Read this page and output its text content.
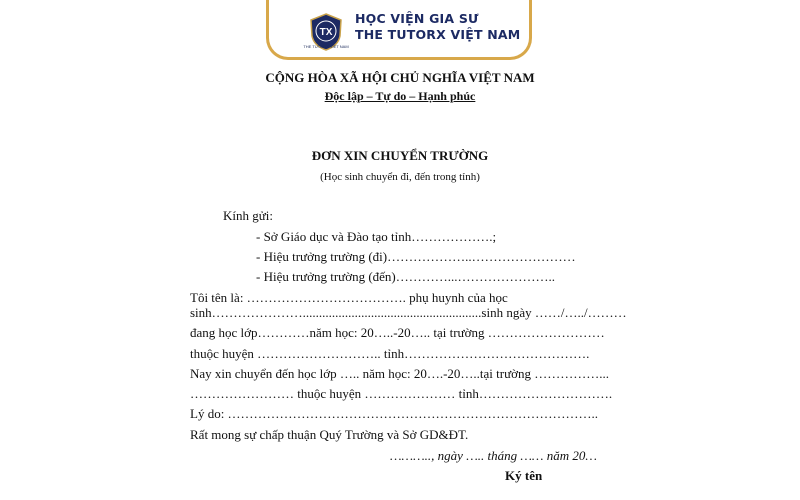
TX
THE TUTORX VIET NAM
HỌC VIỆN GIA SƯ
THE TUTORX VIỆT NAM
CỘNG HÒA XÃ HỘI CHỦ NGHĨA VIỆT NAM
Độc lập – Tự do – Hạnh phúc
ĐƠN XIN CHUYỂN TRƯỜNG
(Học sinh chuyển đi, đến trong tỉnh)
Kính gửi:
- Sở Giáo dục và Đào tạo tỉnh……………….;
- Hiệu trưởng trường (đi)………………..……………………
- Hiệu trưởng trường (đến)…………...…………………..
Tôi tên là: ………………………………. phụ huynh của học
sinh………………….......................................................sinh ngày ……/…../………
đang học lớp…………năm học: 20…..-20….. tại trường ………………………
thuộc huyện ……………………….. tỉnh…………………………………….
Nay xin chuyển đến học lớp ….. năm học: 20….-20…..tại trường ……………...
…………………… thuộc huyện ………………… tỉnh………………………….
Lý do: …………………………………………………………………………..
Rất mong sự chấp thuận Quý Trường và Sở GD&ĐT.
……….., ngày ….. tháng …… năm 20…
Ký tên
